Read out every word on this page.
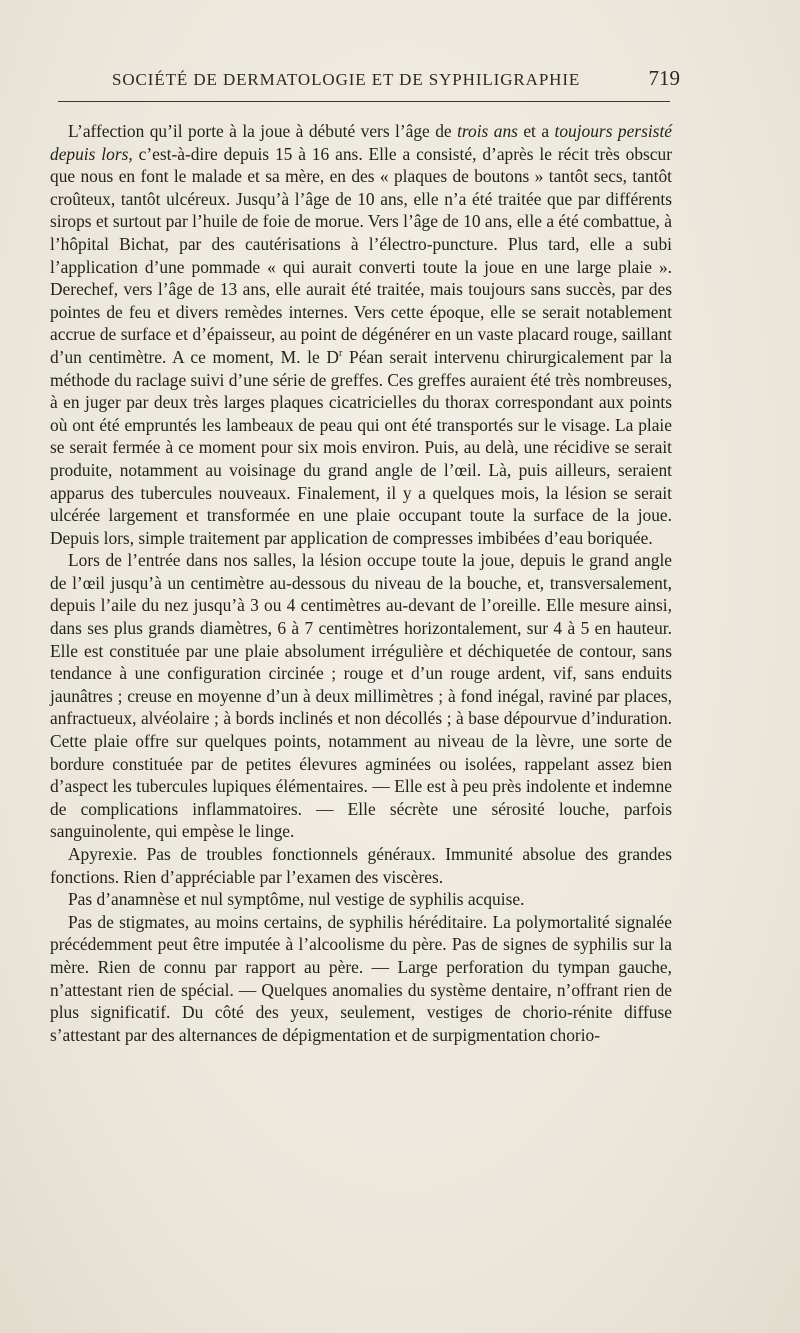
SOCIÉTÉ DE DERMATOLOGIE ET DE SYPHILIGRAPHIE	719

L’affection qu’il porte à la joue à débuté vers l’âge de trois ans et a toujours persisté depuis lors, c’est-à-dire depuis 15 à 16 ans. Elle a consisté, d’après le récit très obscur que nous en font le malade et sa mère, en des « plaques de boutons » tantôt secs, tantôt croûteux, tantôt ulcéreux. Jusqu’à l’âge de 10 ans, elle n’a été traitée que par différents sirops et surtout par l’huile de foie de morue. Vers l’âge de 10 ans, elle a été combattue, à l’hôpital Bichat, par des cautérisations à l’électro-puncture. Plus tard, elle a subi l’application d’une pommade « qui aurait converti toute la joue en une large plaie ». Derechef, vers l’âge de 13 ans, elle aurait été traitée, mais toujours sans succès, par des pointes de feu et divers remèdes internes. Vers cette époque, elle se serait notablement accrue de surface et d’épaisseur, au point de dégénérer en un vaste placard rouge, saillant d’un centimètre. A ce moment, M. le $D^r$ Péan serait intervenu chirurgicalement par la méthode du raclage suivi d’une série de greffes. Ces greffes auraient été très nombreuses, à en juger par deux très larges plaques cicatricielles du thorax correspondant aux points où ont été empruntés les lambeaux de peau qui ont été transportés sur le visage. La plaie se serait fermée à ce moment pour six mois environ. Puis, au delà, une récidive se serait produite, notamment au voisinage du grand angle de l’œil. Là, puis ailleurs, seraient apparus des tubercules nouveaux. Finalement, il y a quelques mois, la lésion se serait ulcérée largement et transformée en une plaie occupant toute la surface de la joue. Depuis lors, simple traitement par application de compresses imbibées d’eau boriquée.

Lors de l’entrée dans nos salles, la lésion occupe toute la joue, depuis le grand angle de l’œil jusqu’à un centimètre au-dessous du niveau de la bouche, et, transversalement, depuis l’aile du nez jusqu’à 3 ou 4 centimètres au-devant de l’oreille. Elle mesure ainsi, dans ses plus grands diamètres, 6 à 7 centimètres horizontalement, sur 4 à 5 en hauteur. Elle est constituée par une plaie absolument irrégulière et déchiquetée de contour, sans tendance à une configuration circinée ; rouge et d’un rouge ardent, vif, sans enduits jaunâtres ; creuse en moyenne d’un à deux millimètres ; à fond inégal, raviné par places, anfractueux, alvéolaire ; à bords inclinés et non décollés ; à base dépourvue d’induration. Cette plaie offre sur quelques points, notamment au niveau de la lèvre, une sorte de bordure constituée par de petites élevures agminées ou isolées, rappelant assez bien d’aspect les tubercules lupiques élémentaires. — Elle est à peu près indolente et indemne de complications inflammatoires. — Elle sécrète une sérosité louche, parfois sanguinolente, qui empèse le linge.

Apyrexie. Pas de troubles fonctionnels généraux. Immunité absolue des grandes fonctions. Rien d’appréciable par l’examen des viscères.

Pas d’anamnèse et nul symptôme, nul vestige de syphilis acquise.

Pas de stigmates, au moins certains, de syphilis héréditaire. La polymortalité signalée précédemment peut être imputée à l’alcoolisme du père. Pas de signes de syphilis sur la mère. Rien de connu par rapport au père. — Large perforation du tympan gauche, n’attestant rien de spécial. — Quelques anomalies du système dentaire, n’offrant rien de plus significatif. Du côté des yeux, seulement, vestiges de chorio-rénite diffuse s’attestant par des alternances de dépigmentation et de surpigmentation chorio-
